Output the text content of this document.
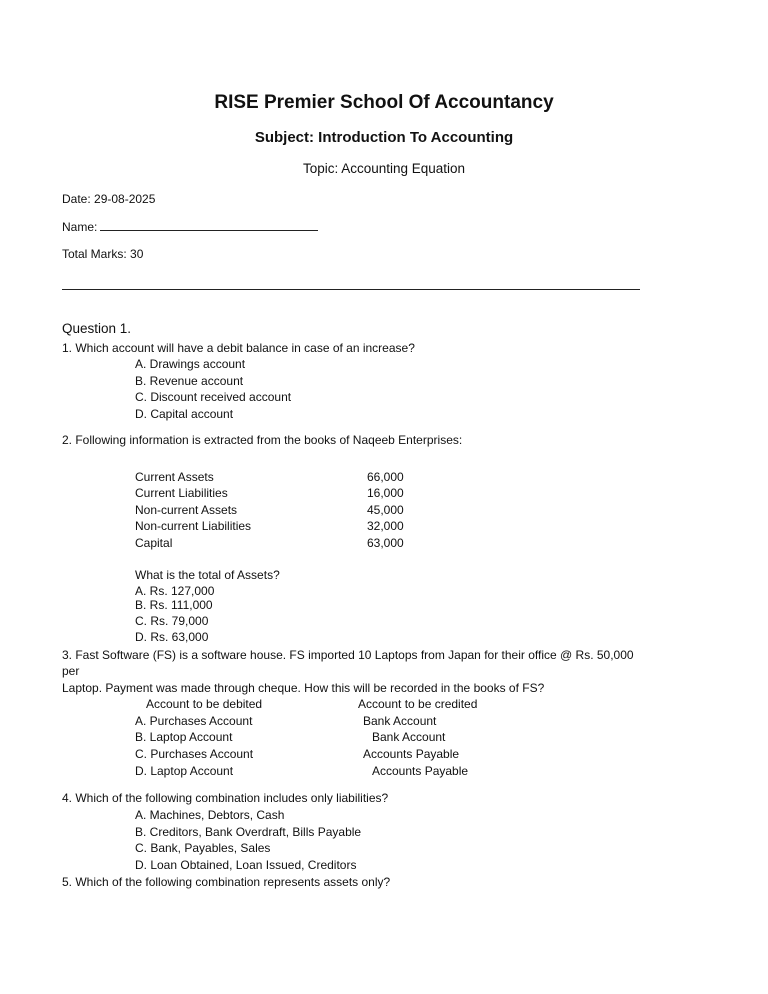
RISE Premier School Of Accountancy
Subject: Introduction To Accounting
Topic: Accounting Equation
Date: 29-08-2025
Name:
Total Marks: 30
Question 1.
1. Which account will have a debit balance in case of an increase?
A. Drawings account
B. Revenue account
C. Discount received account
D. Capital account
2. Following information is extracted from the books of Naqeeb Enterprises:
Current Assets	66,000
Current Liabilities	16,000
Non-current Assets	45,000
Non-current Liabilities	32,000
Capital	63,000
What is the total of Assets?
A. Rs. 127,000
B. Rs. 111,000
C. Rs. 79,000
D. Rs. 63,000
3. Fast Software (FS) is a software house. FS imported 10 Laptops from Japan for their office @ Rs. 50,000
per
Laptop. Payment was made through cheque. How this will be recorded in the books of FS?
Account to be debited	Account to be credited
A. Purchases Account	Bank Account
B. Laptop Account	Bank Account
C. Purchases Account	Accounts Payable
D. Laptop Account	Accounts Payable
4. Which of the following combination includes only liabilities?
A. Machines, Debtors, Cash
B. Creditors, Bank Overdraft, Bills Payable
C. Bank, Payables, Sales
D. Loan Obtained, Loan Issued, Creditors
5. Which of the following combination represents assets only?
